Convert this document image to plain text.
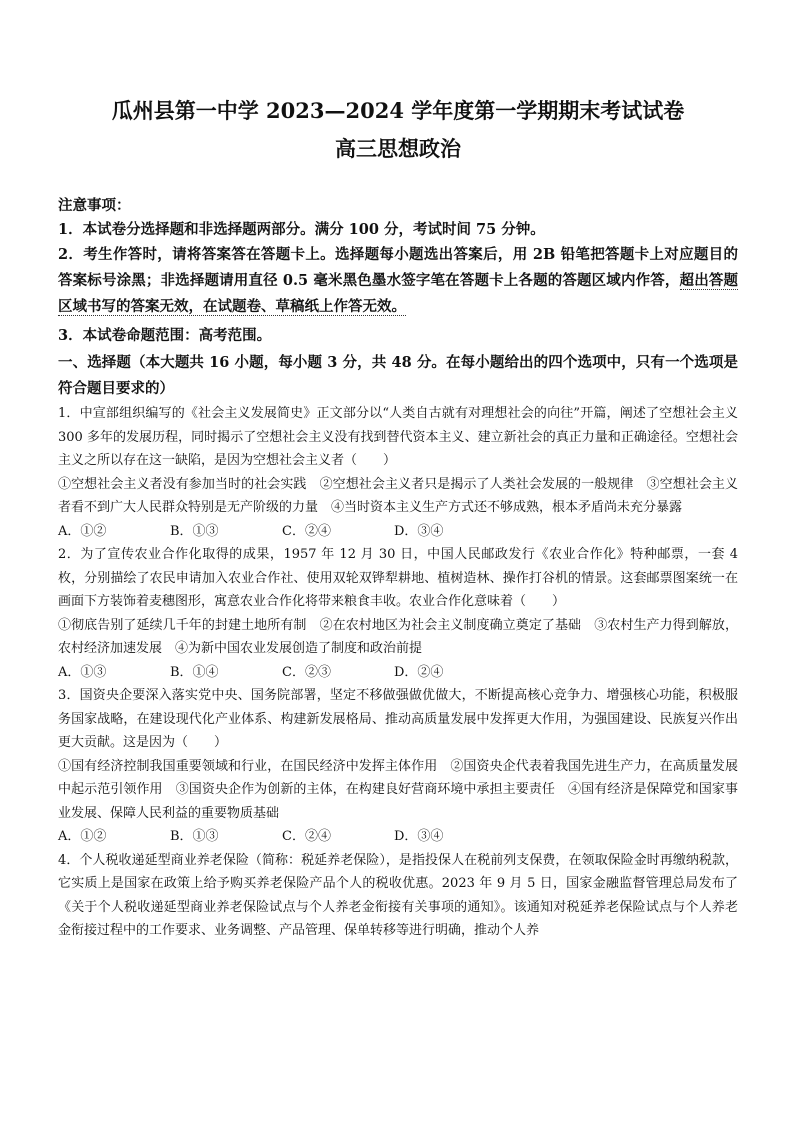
瓜州县第一中学 2023—2024 学年度第一学期期末考试试卷
高三思想政治

注意事项：

1．本试卷分选择题和非选择题两部分。满分 100 分，考试时间 75 分钟。

2．考生作答时，请将答案答在答题卡上。选择题每小题选出答案后，用 2B 铅笔把答题卡上对应题目的答案标号涂黑；非选择题请用直径 0.5 毫米黑色墨水签字笔在答题卡上各题的答题区域内作答，超出答题区域书写的答案无效，在试题卷、草稿纸上作答无效。

3．本试卷命题范围：高考范围。

一、选择题（本大题共 16 小题，每小题 3 分，共 48 分。在每小题给出的四个选项中，只有一个选项是符合题目要求的）

1．中宣部组织编写的《社会主义发展简史》正文部分以“人类自古就有对理想社会的向往”开篇，阐述了空想社会主义 300 多年的发展历程，同时揭示了空想社会主义没有找到替代资本主义、建立新社会的真正力量和正确途径。空想社会主义之所以存在这一缺陷，是因为空想社会主义者（　　）

①空想社会主义者没有参加当时的社会实践　②空想社会主义者只是揭示了人类社会发展的一般规律　③空想社会主义者看不到广大人民群众特别是无产阶级的力量　④当时资本主义生产方式还不够成熟，根本矛盾尚未充分暴露

A．①②	B．①③	C．②④	D．③④

2．为了宣传农业合作化取得的成果，1957 年 12 月 30 日，中国人民邮政发行《农业合作化》特种邮票，一套 4 枚，分别描绘了农民申请加入农业合作社、使用双轮双铧犁耕地、植树造林、操作打谷机的情景。这套邮票图案统一在画面下方装饰着麦穗图形，寓意农业合作化将带来粮食丰收。农业合作化意味着（　　）

①彻底告别了延续几千年的封建土地所有制　②在农村地区为社会主义制度确立奠定了基础　③农村生产力得到解放，农村经济加速发展　④为新中国农业发展创造了制度和政治前提

A．①③	B．①④	C．②③	D．②④

3．国资央企要深入落实党中央、国务院部署，坚定不移做强做优做大，不断提高核心竞争力、增强核心功能，积极服务国家战略，在建设现代化产业体系、构建新发展格局、推动高质量发展中发挥更大作用，为强国建设、民族复兴作出更大贡献。这是因为（　　）

①国有经济控制我国重要领域和行业，在国民经济中发挥主体作用　②国资央企代表着我国先进生产力，在高质量发展中起示范引领作用　③国资央企作为创新的主体，在构建良好营商环境中承担主要责任　④国有经济是保障党和国家事业发展、保障人民利益的重要物质基础

A．①②	B．①③	C．②④	D．③④

4．个人税收递延型商业养老保险（简称：税延养老保险），是指投保人在税前列支保费，在领取保险金时再缴纳税款，它实质上是国家在政策上给予购买养老保险产品个人的税收优惠。2023 年 9 月 5 日，国家金融监督管理总局发布了《关于个人税收递延型商业养老保险试点与个人养老金衔接有关事项的通知》。该通知对税延养老保险试点与个人养老金衔接过程中的工作要求、业务调整、产品管理、保单转移等进行明确，推动个人养
